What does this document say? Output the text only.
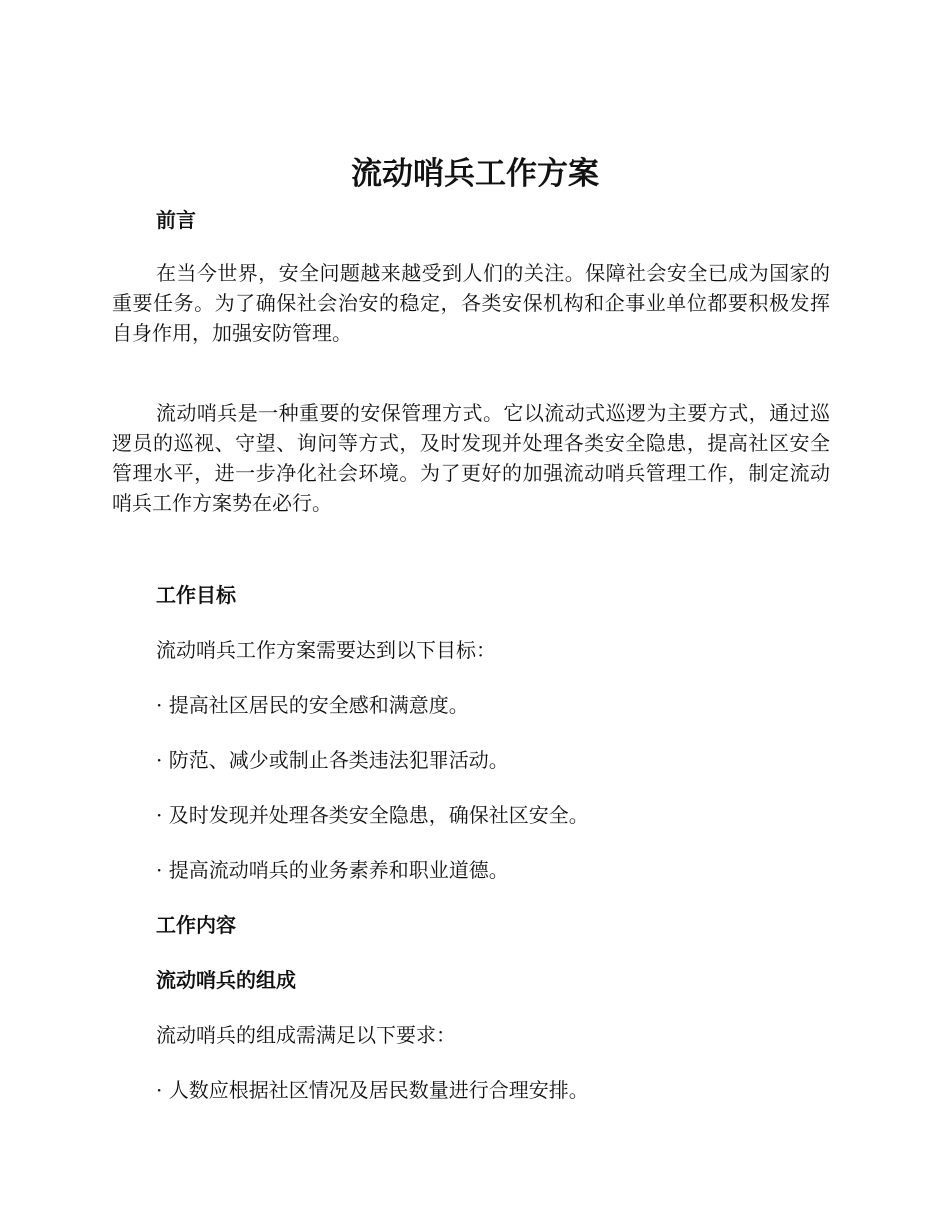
流动哨兵工作方案
前言

在当今世界，安全问题越来越受到人们的关注。保障社会安全已成为国家的重要任务。为了确保社会治安的稳定，各类安保机构和企事业单位都要积极发挥自身作用，加强安防管理。

流动哨兵是一种重要的安保管理方式。它以流动式巡逻为主要方式，通过巡逻员的巡视、守望、询问等方式，及时发现并处理各类安全隐患，提高社区安全管理水平，进一步净化社会环境。为了更好的加强流动哨兵管理工作，制定流动哨兵工作方案势在必行。

工作目标

流动哨兵工作方案需要达到以下目标：

· 提高社区居民的安全感和满意度。

· 防范、减少或制止各类违法犯罪活动。

· 及时发现并处理各类安全隐患，确保社区安全。

· 提高流动哨兵的业务素养和职业道德。

工作内容
流动哨兵的组成

流动哨兵的组成需满足以下要求：

· 人数应根据社区情况及居民数量进行合理安排。
